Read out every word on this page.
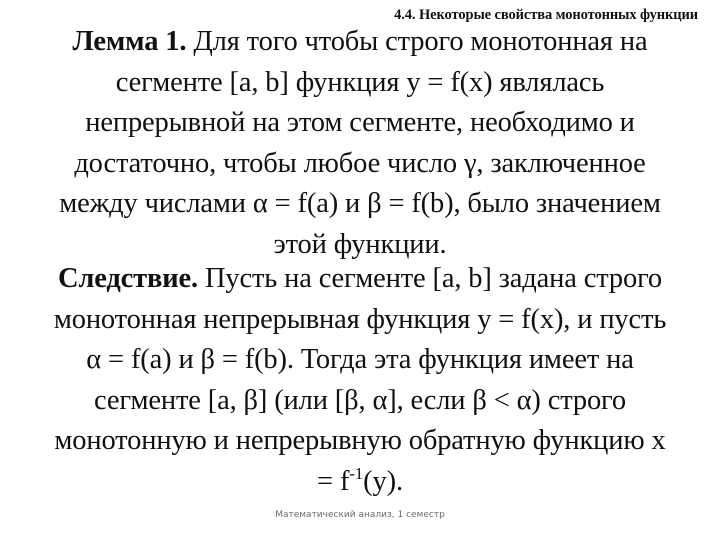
4.4. Некоторые свойства монотонных функции
Лемма 1. Для того чтобы строго монотонная на
сегменте [a, b] функция y = f(x) являлась
непрерывной на этом сегменте, необходимо и
достаточно, чтобы любое число γ, заключенное
между числами α = f(a) и β = f(b), было значением
этой функции.
Следствие. Пусть на сегменте [a, b] задана строго
монотонная непрерывная функция y = f(x), и пусть
α = f(a) и β = f(b). Тогда эта функция имеет на
сегменте [a, β] (или [β, α], если β < α) строго
монотонную и непрерывную обратную функцию x
= $f^{-1}(y)$.
Математический анализ, 1 семестр
